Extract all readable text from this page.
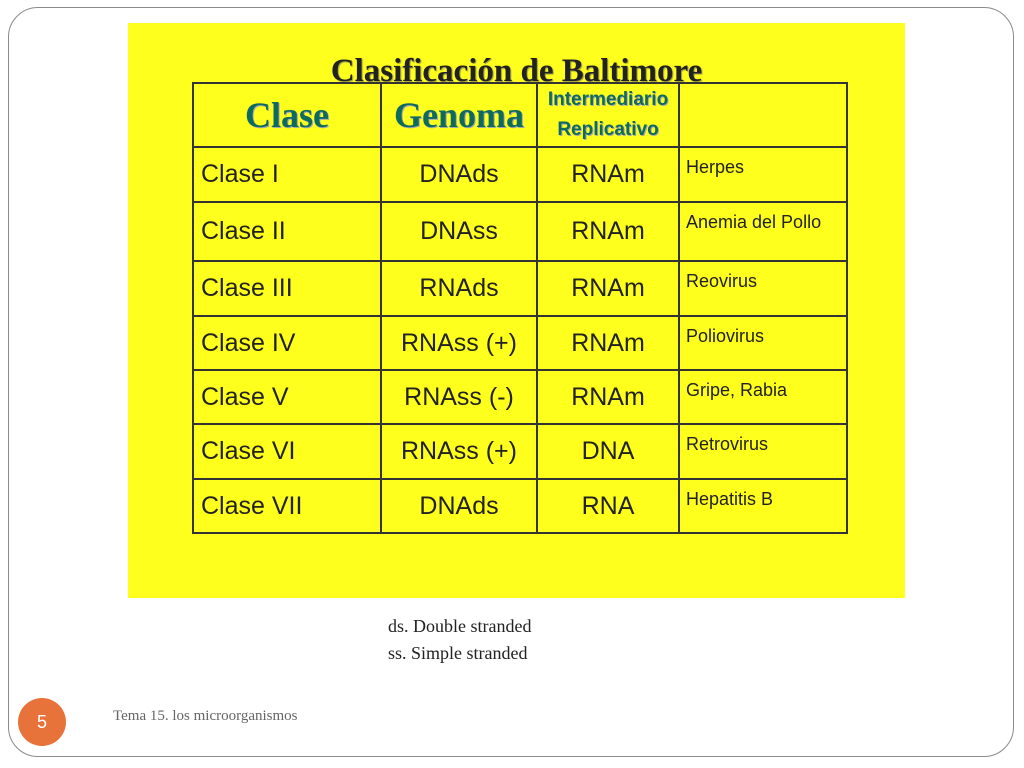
Clasificación de Baltimore
Clase	Genoma	Intermediario
Replicativo	

Clase I	DNAds	RNAm	Herpes
Clase II	DNAss	RNAm	Anemia del Pollo
Clase III	RNAds	RNAm	Reovirus
Clase IV	RNAss (+)	RNAm	Poliovirus
Clase V	RNAss (-)	RNAm	Gripe, Rabia
Clase VI	RNAss (+)	DNA	Retrovirus
Clase VII	DNAds	RNA	Hepatitis B
ds. Double stranded
ss. Simple stranded
5	Tema 15. los microorganismos
